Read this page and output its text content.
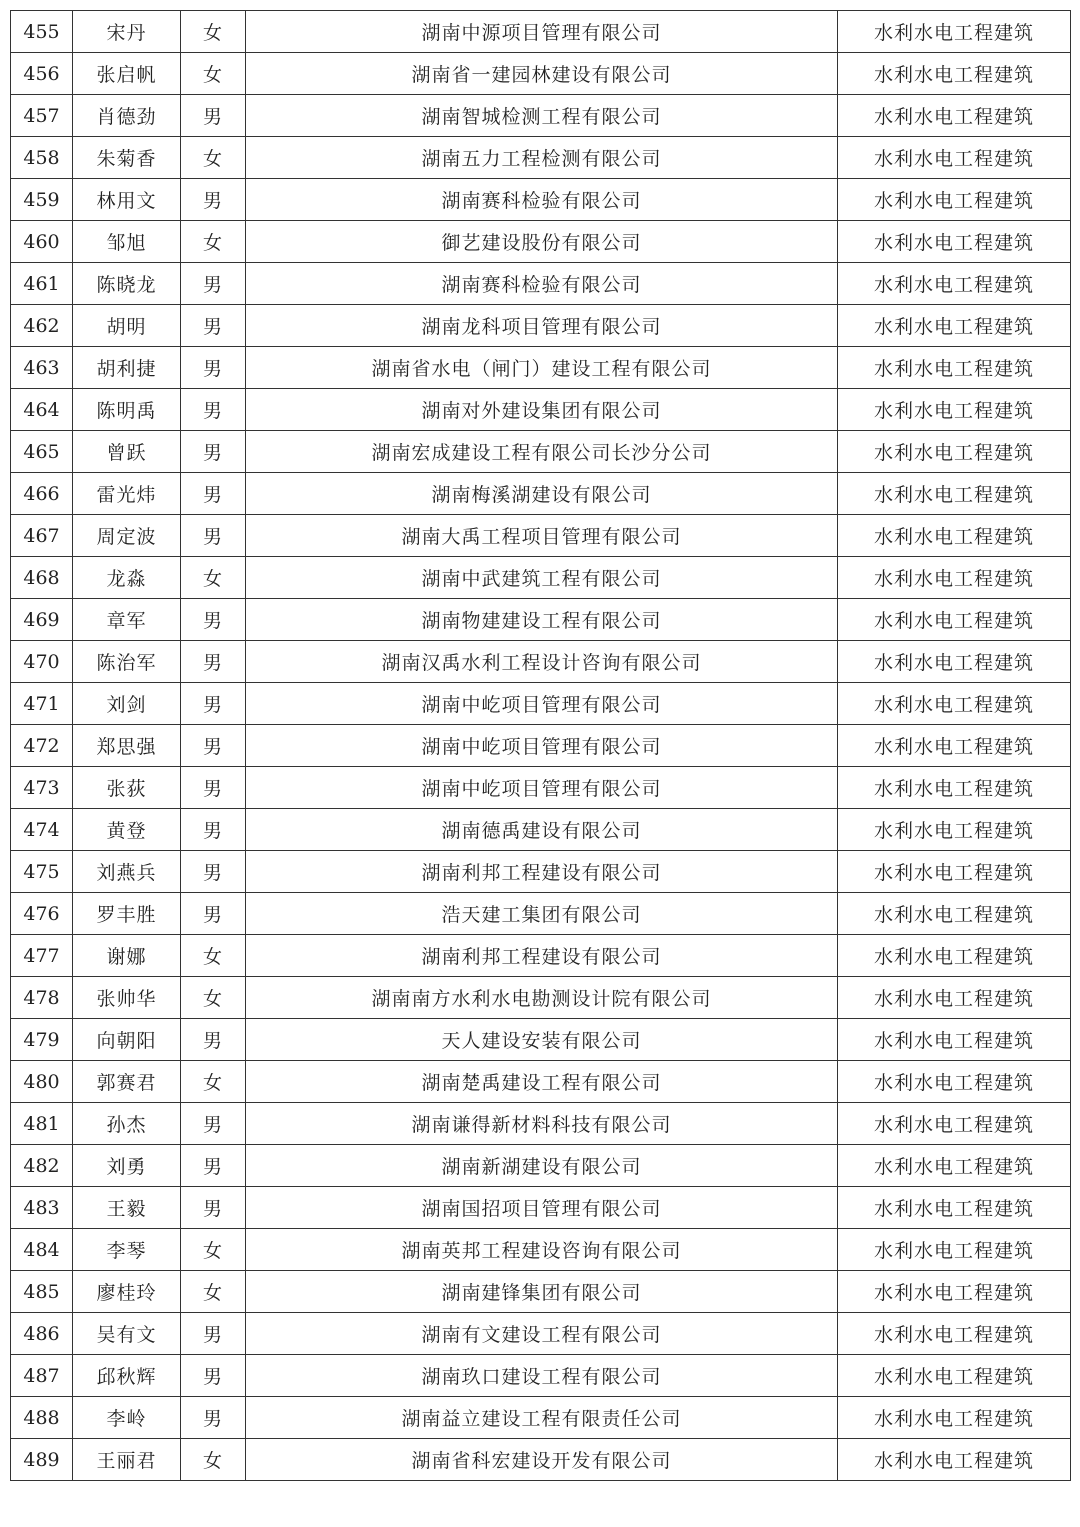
455	宋丹	女	湖南中源项目管理有限公司	水利水电工程建筑
456	张启帆	女	湖南省一建园林建设有限公司	水利水电工程建筑
457	肖德劲	男	湖南智城检测工程有限公司	水利水电工程建筑
458	朱菊香	女	湖南五力工程检测有限公司	水利水电工程建筑
459	林用文	男	湖南赛科检验有限公司	水利水电工程建筑
460	邹旭	女	御艺建设股份有限公司	水利水电工程建筑
461	陈晓龙	男	湖南赛科检验有限公司	水利水电工程建筑
462	胡明	男	湖南龙科项目管理有限公司	水利水电工程建筑
463	胡利捷	男	湖南省水电（闸门）建设工程有限公司	水利水电工程建筑
464	陈明禹	男	湖南对外建设集团有限公司	水利水电工程建筑
465	曾跃	男	湖南宏成建设工程有限公司长沙分公司	水利水电工程建筑
466	雷光炜	男	湖南梅溪湖建设有限公司	水利水电工程建筑
467	周定波	男	湖南大禹工程项目管理有限公司	水利水电工程建筑
468	龙淼	女	湖南中武建筑工程有限公司	水利水电工程建筑
469	章军	男	湖南物建建设工程有限公司	水利水电工程建筑
470	陈治军	男	湖南汉禹水利工程设计咨询有限公司	水利水电工程建筑
471	刘剑	男	湖南中屹项目管理有限公司	水利水电工程建筑
472	郑思强	男	湖南中屹项目管理有限公司	水利水电工程建筑
473	张荻	男	湖南中屹项目管理有限公司	水利水电工程建筑
474	黄登	男	湖南德禹建设有限公司	水利水电工程建筑
475	刘燕兵	男	湖南利邦工程建设有限公司	水利水电工程建筑
476	罗丰胜	男	浩天建工集团有限公司	水利水电工程建筑
477	谢娜	女	湖南利邦工程建设有限公司	水利水电工程建筑
478	张帅华	女	湖南南方水利水电勘测设计院有限公司	水利水电工程建筑
479	向朝阳	男	天人建设安装有限公司	水利水电工程建筑
480	郭赛君	女	湖南楚禹建设工程有限公司	水利水电工程建筑
481	孙杰	男	湖南谦得新材料科技有限公司	水利水电工程建筑
482	刘勇	男	湖南新湖建设有限公司	水利水电工程建筑
483	王毅	男	湖南国招项目管理有限公司	水利水电工程建筑
484	李琴	女	湖南英邦工程建设咨询有限公司	水利水电工程建筑
485	廖桂玲	女	湖南建锋集团有限公司	水利水电工程建筑
486	吴有文	男	湖南有文建设工程有限公司	水利水电工程建筑
487	邱秋辉	男	湖南玖口建设工程有限公司	水利水电工程建筑
488	李岭	男	湖南益立建设工程有限责任公司	水利水电工程建筑
489	王丽君	女	湖南省科宏建设开发有限公司	水利水电工程建筑
